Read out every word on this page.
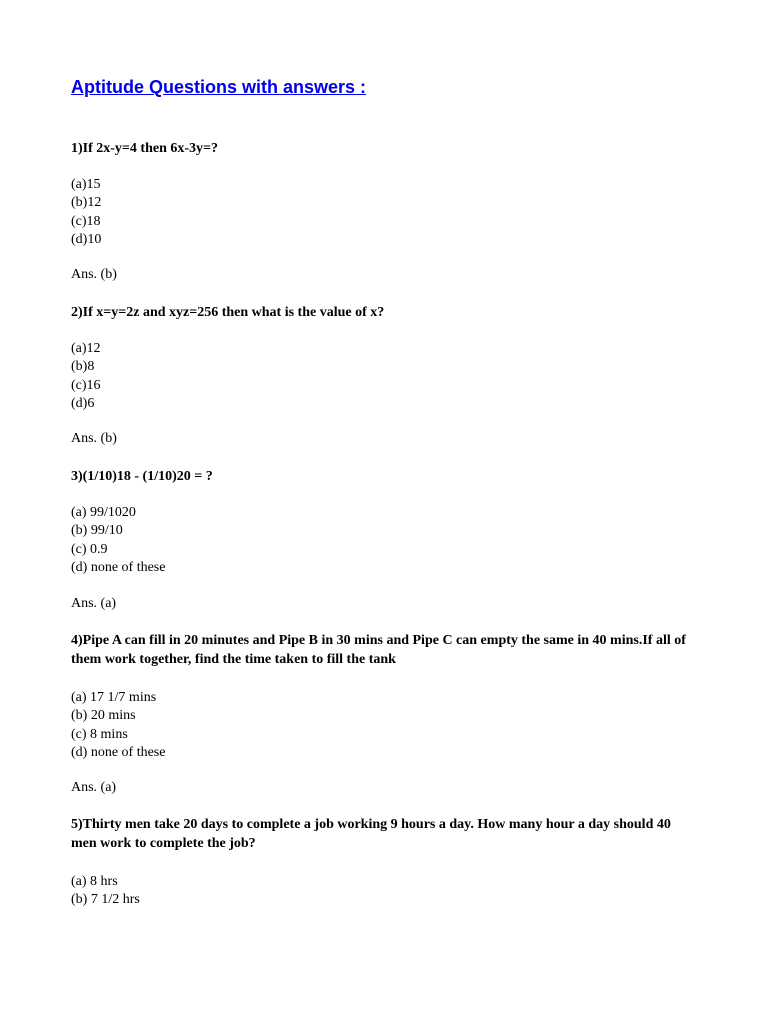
Aptitude Questions with answers :

1)If 2x-y=4 then 6x-3y=?

(a)15
(b)12
(c)18
(d)10

Ans. (b)

2)If x=y=2z and xyz=256 then what is the value of x?

(a)12
(b)8
(c)16
(d)6

Ans. (b)

3)(1/10)18 - (1/10)20 = ?

(a) 99/1020
(b) 99/10
(c) 0.9
(d) none of these

Ans. (a)

4)Pipe A can fill in 20 minutes and Pipe B in 30 mins and Pipe C can empty the same in 40 mins.If all of them work together, find the time taken to fill the tank

(a) 17 1/7 mins
(b) 20 mins
(c) 8 mins
(d) none of these

Ans. (a)

5)Thirty men take 20 days to complete a job working 9 hours a day. How many hour a day should 40 men work to complete the job?

(a) 8 hrs
(b) 7 1/2 hrs
